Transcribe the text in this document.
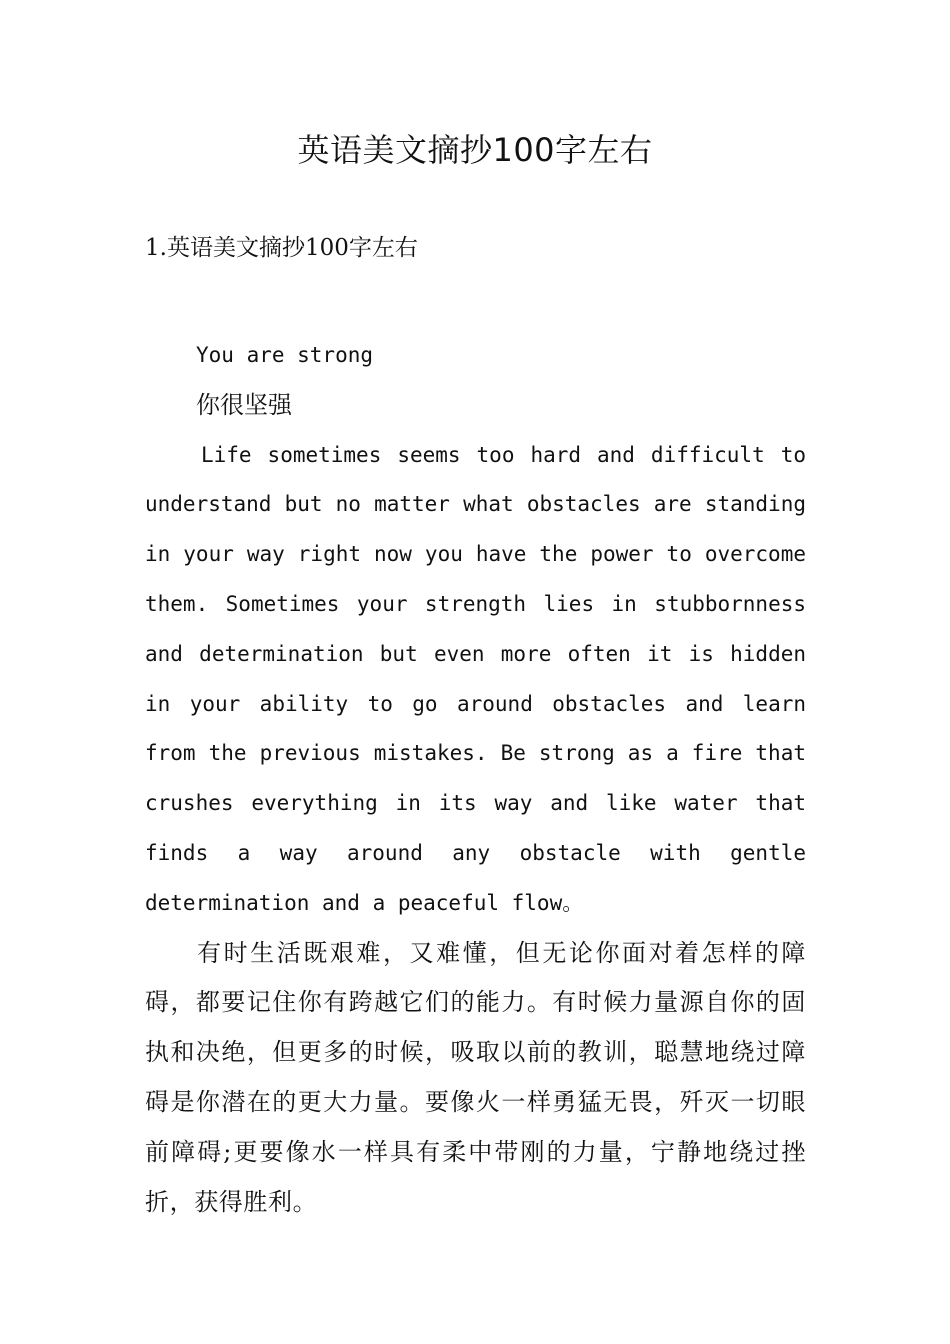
英语美文摘抄100字左右
1.英语美文摘抄100字左右

You are strong

你很坚强

Life sometimes seems too hard and difficult to understand but no matter what obstacles are standing in your way right now you have the power to overcome them. Sometimes your strength lies in stubbornness and determination but even more often it is hidden in your ability to go around obstacles and learn from the previous mistakes. Be strong as a fire that crushes everything in its way and like water that finds a way around any obstacle with gentle determination and a peaceful flow。

有时生活既艰难，又难懂，但无论你面对着怎样的障碍，都要记住你有跨越它们的能力。有时候力量源自你的固执和决绝，但更多的时候，吸取以前的教训，聪慧地绕过障碍是你潜在的更大力量。要像火一样勇猛无畏，歼灭一切眼前障碍;更要像水一样具有柔中带刚的力量，宁静地绕过挫折，获得胜利。
